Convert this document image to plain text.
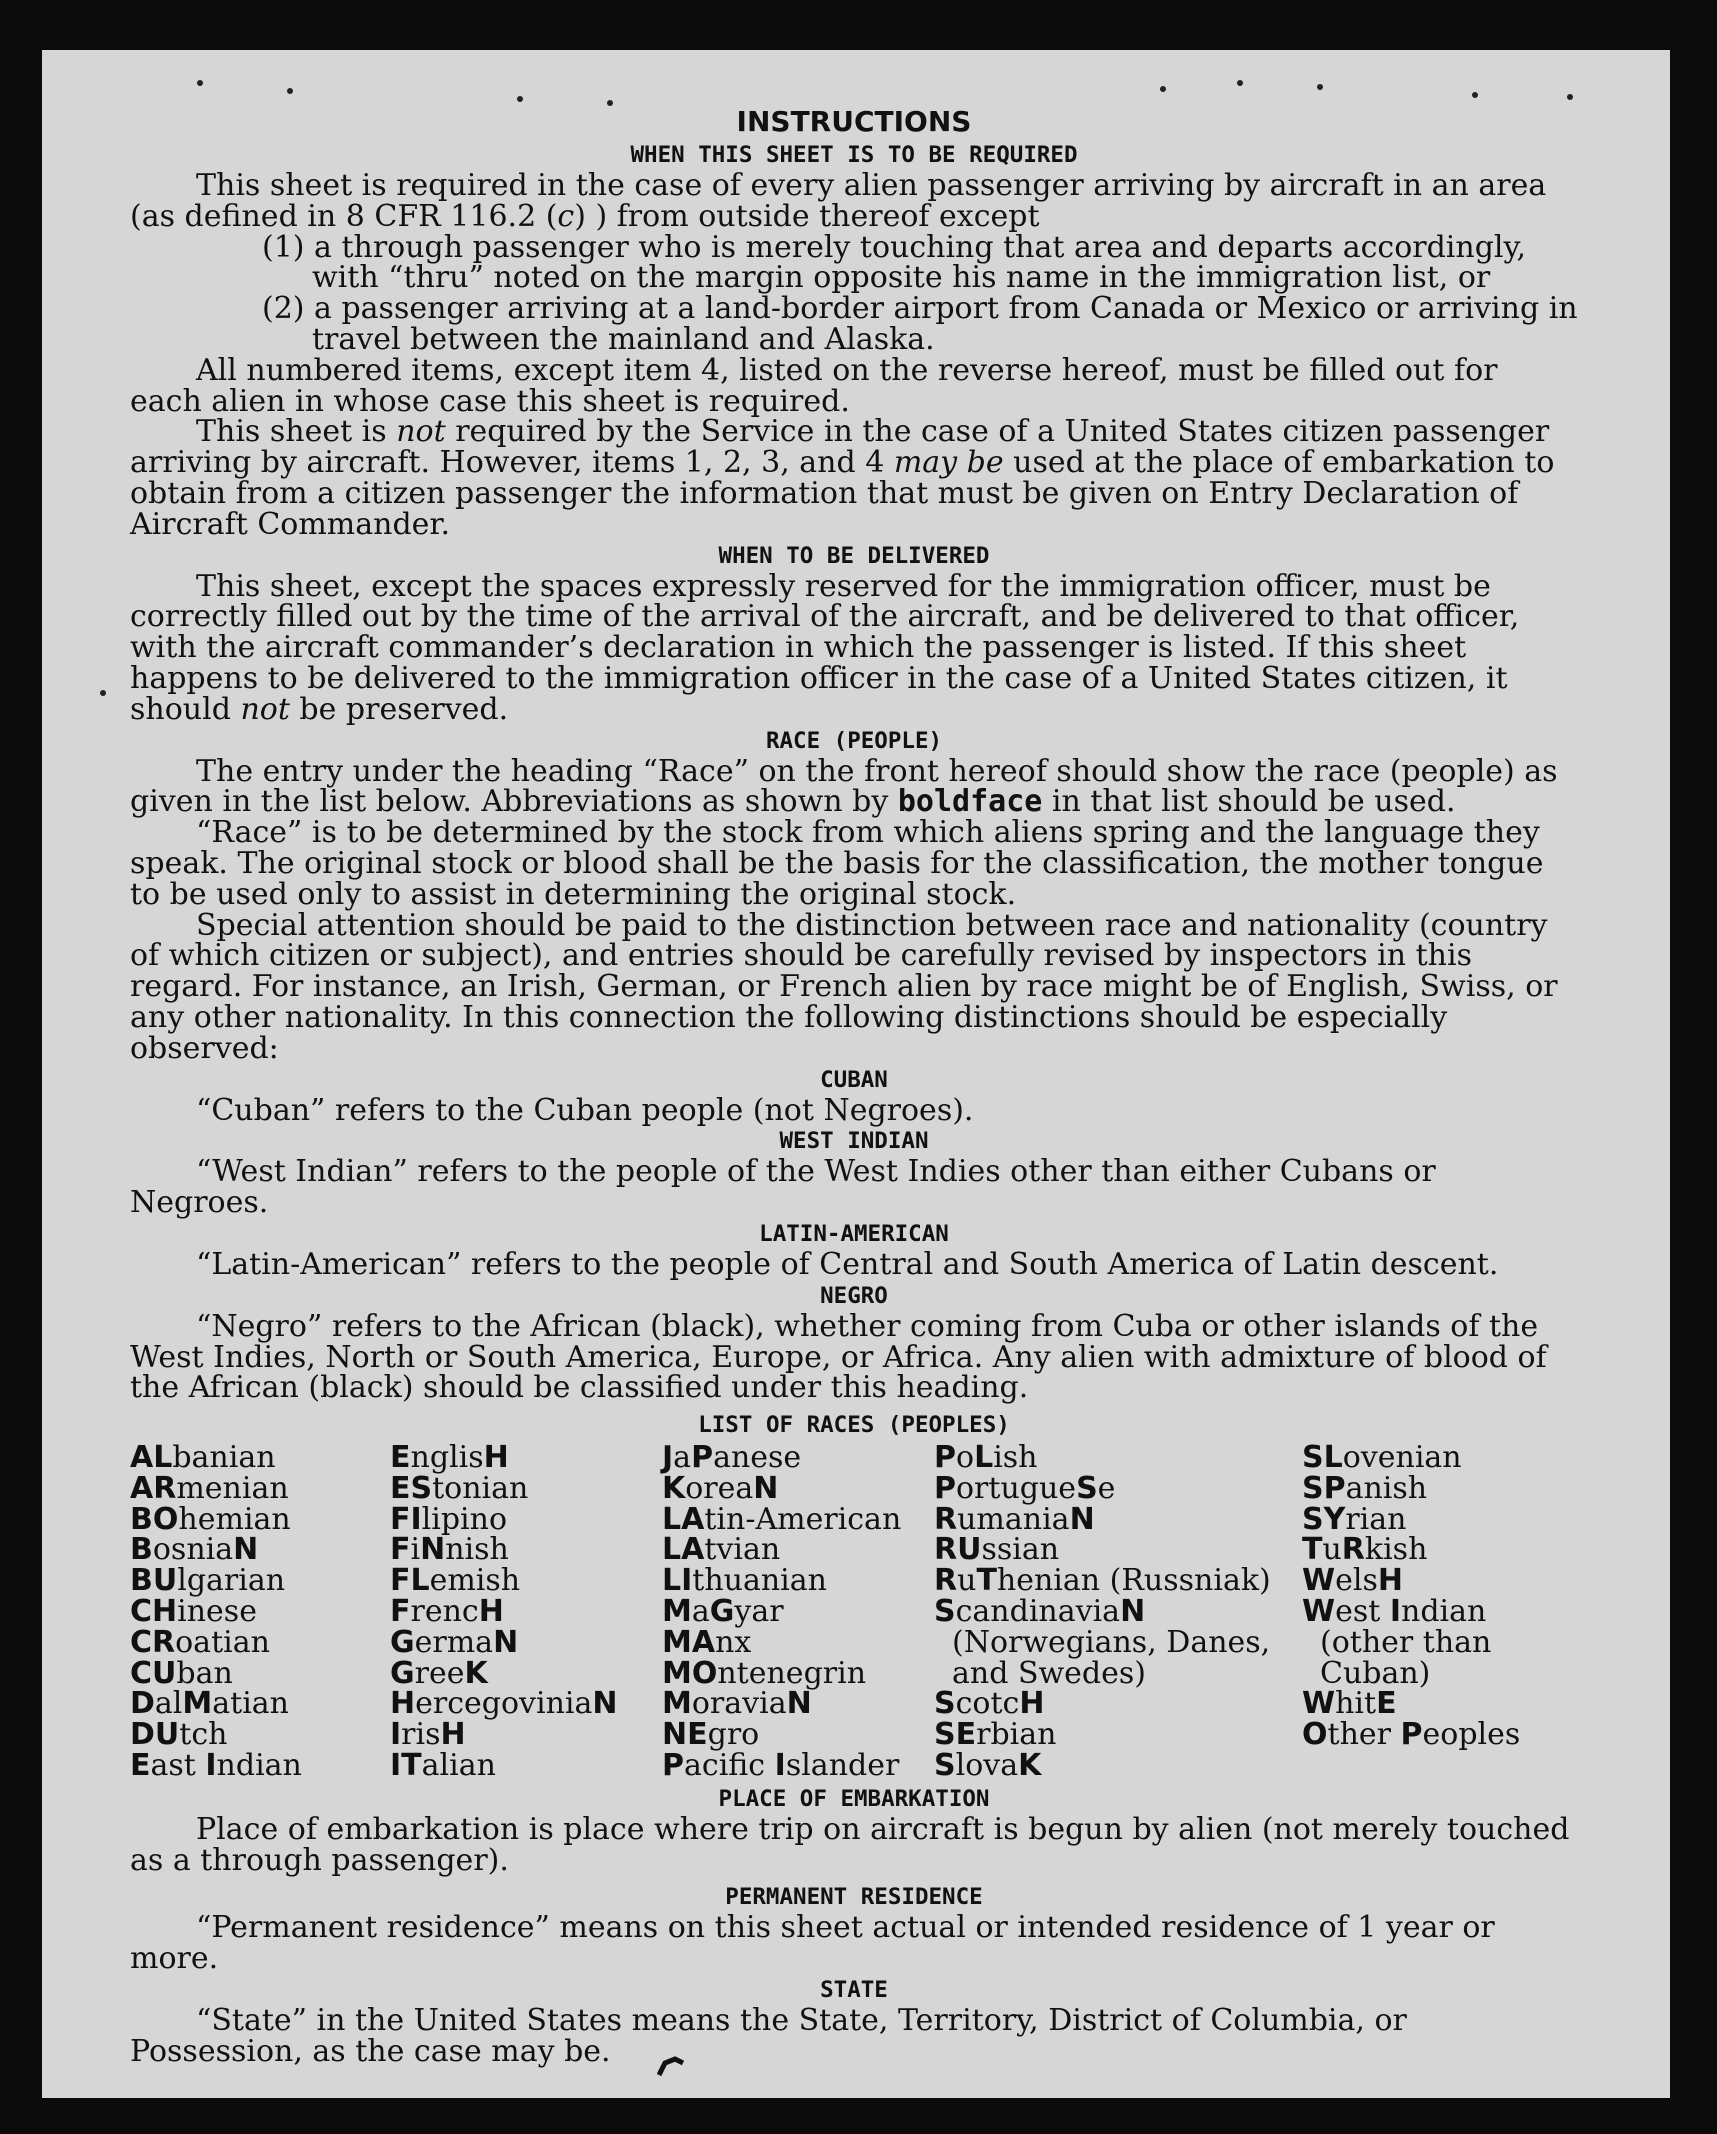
INSTRUCTIONS

WHEN THIS SHEET IS TO BE REQUIRED

This sheet is required in the case of every alien passenger arriving by aircraft in an area (as defined in 8 CFR 116.2 (c) ) from outside thereof except

(1) a through passenger who is merely touching that area and departs accordingly, with “thru” noted on the margin opposite his name in the immigration list, or

(2) a passenger arriving at a land-border airport from Canada or Mexico or arriving in travel between the mainland and Alaska.

All numbered items, except item 4, listed on the reverse hereof, must be filled out for each alien in whose case this sheet is required.

This sheet is not required by the Service in the case of a United States citizen passenger arriving by aircraft. However, items 1, 2, 3, and 4 may be used at the place of embarkation to obtain from a citizen passenger the information that must be given on Entry Declaration of Aircraft Commander.

WHEN TO BE DELIVERED

This sheet, except the spaces expressly reserved for the immigration officer, must be correctly filled out by the time of the arrival of the aircraft, and be delivered to that officer, with the aircraft commander’s declaration in which the passenger is listed. If this sheet happens to be delivered to the immigration officer in the case of a United States citizen, it should not be preserved.

RACE (PEOPLE)

The entry under the heading “Race” on the front hereof should show the race (people) as given in the list below. Abbreviations as shown by boldface in that list should be used.

“Race” is to be determined by the stock from which aliens spring and the language they speak. The original stock or blood shall be the basis for the classification, the mother tongue to be used only to assist in determining the original stock.

Special attention should be paid to the distinction between race and nationality (country of which citizen or subject), and entries should be carefully revised by inspectors in this regard. For instance, an Irish, German, or French alien by race might be of English, Swiss, or any other nationality. In this connection the following distinctions should be especially observed:

CUBAN

“Cuban” refers to the Cuban people (not Negroes).

WEST INDIAN

“West Indian” refers to the people of the West Indies other than either Cubans or Negroes.

LATIN-AMERICAN

“Latin-American” refers to the people of Central and South America of Latin descent.

NEGRO

“Negro” refers to the African (black), whether coming from Cuba or other islands of the West Indies, North or South America, Europe, or Africa. Any alien with admixture of blood of the African (black) should be classified under this heading.

LIST OF RACES (PEOPLES)

ALbanian
ARmenian
BOhemian
BosniaN
BUlgarian
CHinese
CRoatian
CUban
DalMatian
DUtch
East Indian
EnglisH
EStonian
FIlipino
FiNnish
FLemish
FrencH
GermaN
GreeK
HercegoviniaN
IrisH
ITalian
JaPanese
KoreaN
LAtin-American
LAtvian
LIthuanian
MaGyar
MAnx
MOntenegrin
MoraviaN
NEgro
Pacific Islander
PoLish
PortugueSe
RumaniaN
RUssian
RuThenian (Russniak)
ScandinaviaN (Norwegians, Danes, and Swedes)
ScotcH
SErbian
SlovaK
SLovenian
SPanish
SYrian
TuRkish
WelsH
West Indian (other than Cuban)
WhitE
Other Peoples

PLACE OF EMBARKATION

Place of embarkation is place where trip on aircraft is begun by alien (not merely touched as a through passenger).

PERMANENT RESIDENCE

“Permanent residence” means on this sheet actual or intended residence of 1 year or more.

STATE

“State” in the United States means the State, Territory, District of Columbia, or Possession, as the case may be.
